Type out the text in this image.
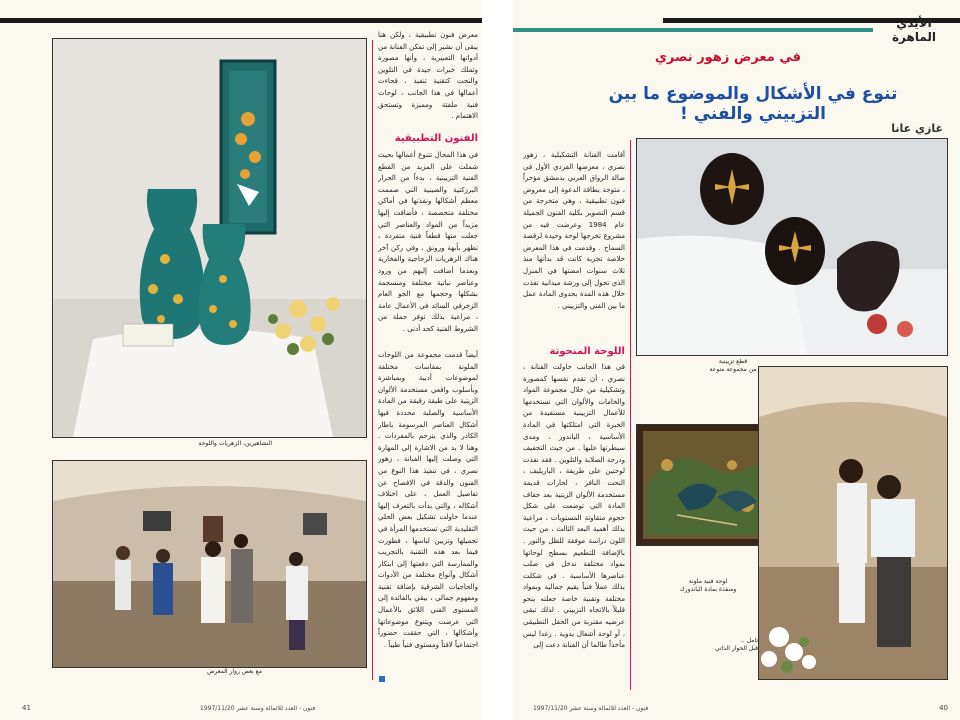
النشاهيرين، الزهريات واللوحة
مع بعض زوار المعرض

معرض فنون تطبيقية ، ولكن هنا يبقى أن نشير إلى تمكن الفنانة من أدواتها التعبيرية ، وأنها مصورة وتملك خبرات جيدة في التلوين والنحت كتقنية تنفيذ ، فجاءت أعمالها في هذا الجانب ، لوحات فنية ملفتة ومميزة وتستحق الاهتمام .

الفنون التطبيقية

في هذا المجال تتنوع أعمالها بحيث شملت على المزيد من القطع الفنية التزيينية ، بدءاً من الجرار البرزكتية والصينية التي صممت معظم أشكالها ونفذتها في أماكن مختلفة متخصصة ، فأضافت إليها مزيداً من المواد والعناصر التي جعلت منها قطعاً فنية متفردة ، تظهر بأبهة ورونق ، وفي ركن آخر هناك الزهريات الزجاجية والفخارية وبعدما أضافت إليهم من ورود وعناصر نباتية مختلفة ومنسجمة بشكلها وحجمها مع الجو العام الزخرفي السائد في الأعمال عامة ، مراعية بذلك توفر جملة من الشروط الفنية كحد أدنى .

أيضاً قدمت مجموعة من اللوحات الملونة بمقاسات مختلفة لموضوعات أدبية وبمباشرة وبأسلوب واقعي مستخدمة الألوان الزيتية على طبقة رقيقة من المادة الأساسية والصلبة محددة فيها أشكال العناصر المرسومة باطار الكادر والذي يترجم بالمفردات . وهنا لا بد من الاشارة إلى المهارة التي وصلت إليها الفنانة ، زهور نصري ، في تنفيذ هذا النوع من الفنون والدقة في الافصاح عن تفاصيل العمل ، على اختلاف أشكاله ، والتي بدأت بالتعرف إليها عندما حاولت تشكيل بعض الحلي التقليدية التي تستخدمها المرأة في تجميلها وتزيين لباسها ، فطورت فيما بعد هذه التقنية بالتجريب والممارسة التي دفعتها إلى ابتكار أشكال وأنواع مختلفة من الأدوات والحاجيات الشرقية بإضافة تقنية ومفهوم جمالي ، بيقي بالفائدة إلى المستوى الفني اللائق بالأعمال التي عرضت ويتنوع موضوعاتها وأشكالها ، التي حققت حضوراً اجتماعياً لافتاً ومستوى فنياً طيباً .

فنون - العدد للائمالة وسنة عشر 1997/11/20
41
الأيدي الماهرة
في معرض زهور نصري
تنوع في الأشكال والموضوع ما بين التزييني والفني !
غازي عانا

أقامت الفنانة التشكيلية ، زهور نصري ، معرضها الفردي الأول في صالة الرواق العربي بدمشق مؤخراً ، متوجة بطاقة الدعوة إلى معروض فنون تطبيقية ، وهي متخرجة من قسم التصوير بكلية الفنون الجميلة عام 1984 وعرضت فيه من مشروع تخرجها لوحة وحيدة لرقصة السماح . وقدمت في هذا المعرض خلاصة تجربة كانت قد بدأتها منذ ثلاث سنوات امضتها في المنزل الذي تحول إلى ورشة ميدانية نفذت خلال هذه المدة بجدوى المادة عمل ما بين الفني والتزييني .

اللوحة المنحوتة

في هذا الجانب حاولت الفنانة ، نصري ، أن تقدم نفسها كمصورة وتشكيلية من خلال مجموعة المواد والخامات والألوان التي تستخدمها للأعمال التزيينية مستفيدة من الخبرة التي امتلكتها في المادة الأساسية ، الباندور ، ومدى سيطرتها عليها . من حيث التجفيف ودرجة الصلابة والتلوين . فقد نفذت لوحتين على طريقة ، الباريليف ، النحت النافر ، لحارات قديمة مستخدمة الألوان الزيتية بعد جفاف المادة التي توضعت على شكل حجوم متفاوتة المستويات ، مراعية بذلك أهمية البعد الثالث ، من حيث اللون دراسة موفقة للظل والنور . بالإضافة للتطعيم بسطح لوحاتها بمواد مختلفة تدخل في صلب عناصرها الأساسية . في شكلت بذلك عملاً فنياً يقيم جمالية وبمواد مختلفة وتقنية خاصة جعلته ينحو قليلاً بالاتجاه التزييني . لذلك تبقى عرضيه مقتربة من الحقل التطبيقي ، أو لوحة أشغال يدوية . رغدا ليس مأخذاً طالما أن الفنانة دعت إلى

قطع تزيينية
من مجموعة منوعة
لوحة فنية ملونة
ومنفذة بمادة الباندورك
تامل ..
قبل الحوار الذاتي
فنون - العدد للائمالة وسنة عشر 1997/11/20	40
